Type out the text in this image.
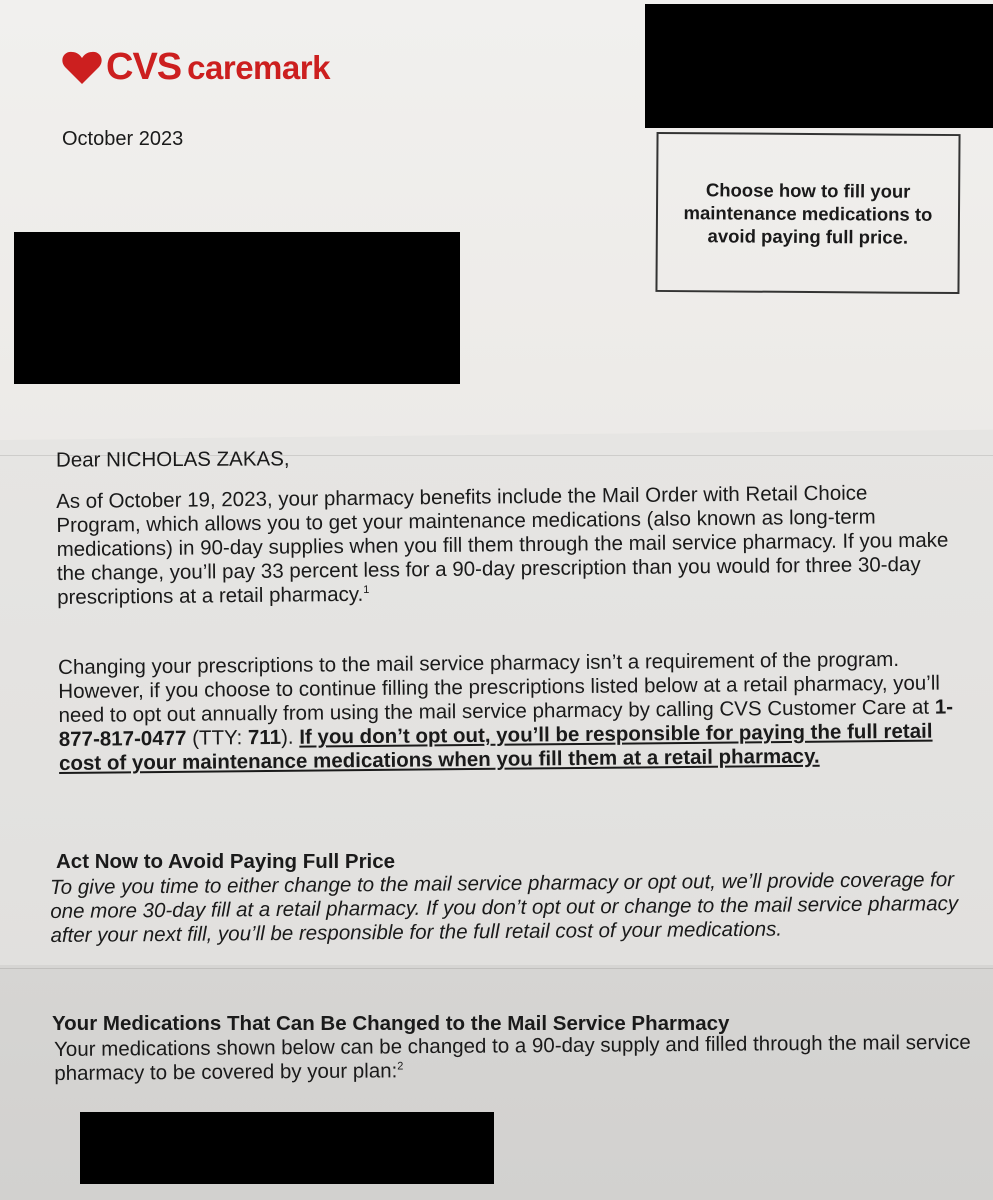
CVS caremark
October 2023
Choose how to fill your maintenance medications to avoid paying full price.
Dear NICHOLAS ZAKAS,
As of October 19, 2023, your pharmacy benefits include the Mail Order with Retail Choice Program, which allows you to get your maintenance medications (also known as long-term medications) in 90-day supplies when you fill them through the mail service pharmacy. If you make the change, you’ll pay 33 percent less for a 90-day prescription than you would for three 30-day prescriptions at a retail pharmacy.$^1$
Changing your prescriptions to the mail service pharmacy isn’t a requirement of the program. However, if you choose to continue filling the prescriptions listed below at a retail pharmacy, you’ll need to opt out annually from using the mail service pharmacy by calling CVS Customer Care at 1-877-817-0477 (TTY: 711). If you don’t opt out, you’ll be responsible for paying the full retail cost of your maintenance medications when you fill them at a retail pharmacy.
Act Now to Avoid Paying Full Price
To give you time to either change to the mail service pharmacy or opt out, we’ll provide coverage for one more 30-day fill at a retail pharmacy. If you don’t opt out or change to the mail service pharmacy after your next fill, you’ll be responsible for the full retail cost of your medications.
Your Medications That Can Be Changed to the Mail Service Pharmacy
Your medications shown below can be changed to a 90-day supply and filled through the mail service pharmacy to be covered by your plan:$^2$
